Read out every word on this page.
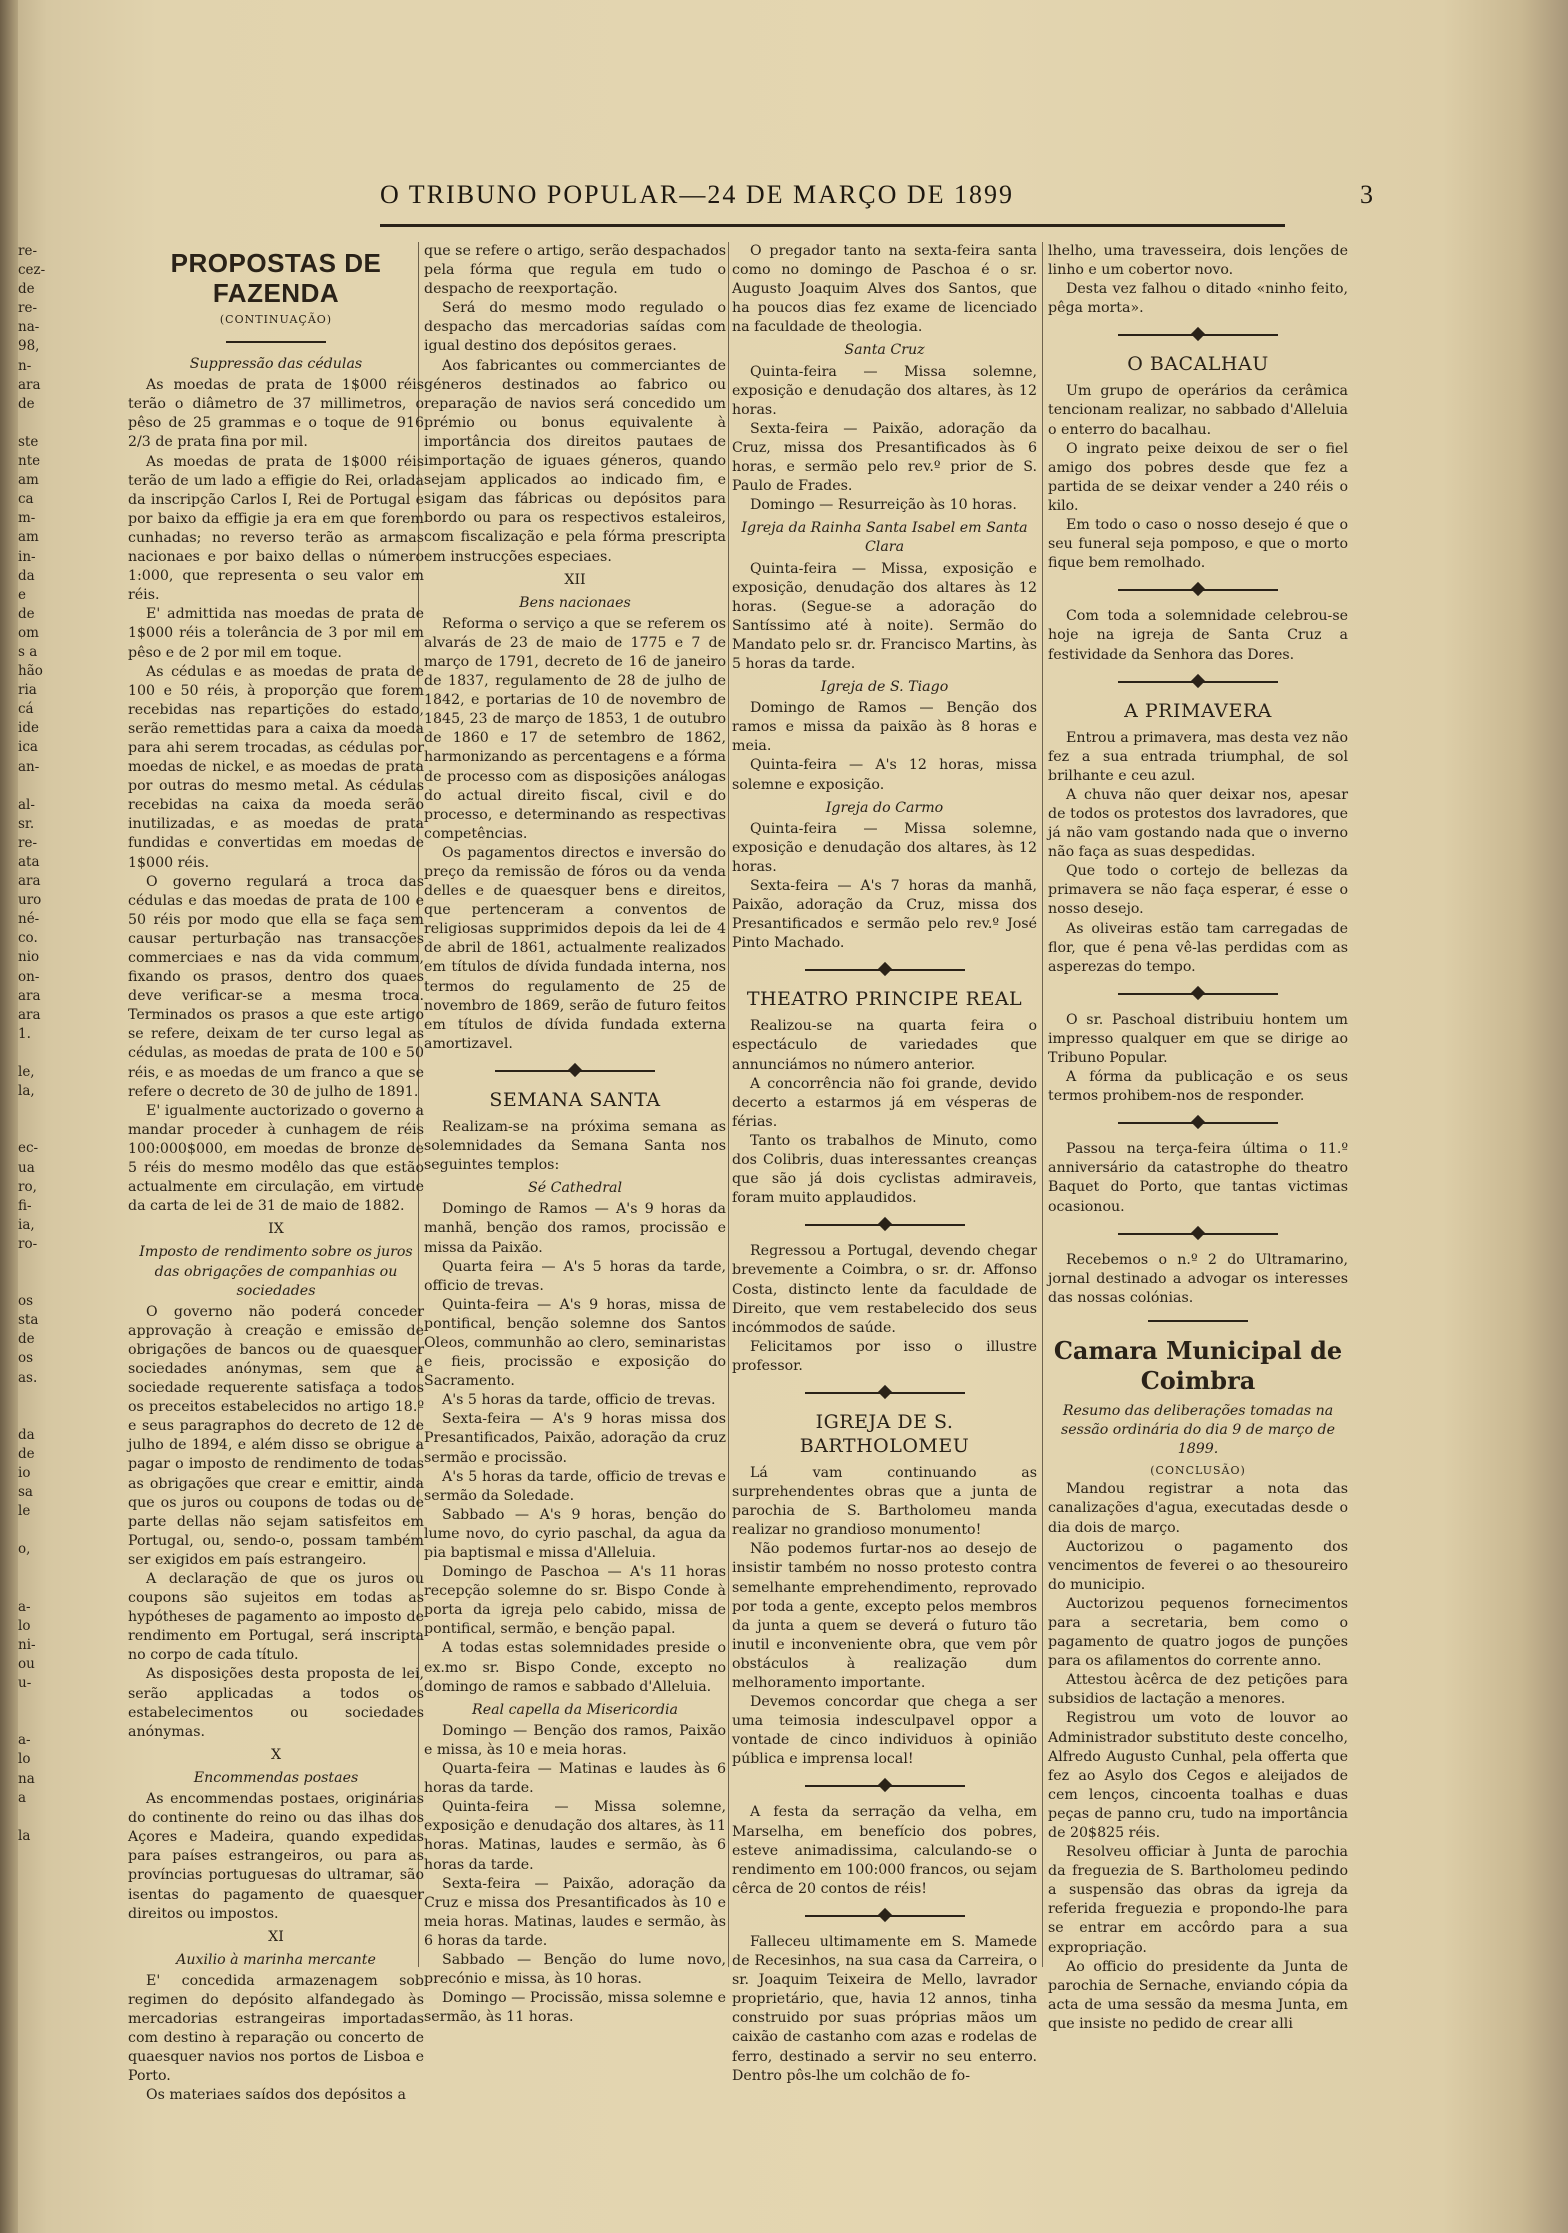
O TRIBUNO POPULAR—24 DE MARÇO DE 1899	3
re-
cez-
de
re-
na-
98,
n-
ara
de

ste
nte
am
ca
m-
am
in-
da
e
de
om
s a
hão
ria
cá
ide
ica
an-

al-
sr.
re-
ata
ara
uro
né-
co.
nio
on-
ara
ara
1.

le,
la,

ec-
ua
ro,
fi-
ia,
ro-

os
sta
de
os
as.

da
de
io
sa
le

o,

a-
lo
ni-
ou
u-

a-
lo
na
a

la
PROPOSTAS DE FAZENDA
(CONTINUAÇÃO)
Suppressão das cédulas

As moedas de prata de 1$000 réis terão o diâmetro de 37 millimetros, o pêso de 25 grammas e o toque de 916 2/3 de prata fina por mil.

As moedas de prata de 1$000 réis terão de um lado a effigie do Rei, orlada da inscripção Carlos I, Rei de Portugal e por baixo da effigie ja era em que forem cunhadas; no reverso terão as armas nacionaes e por baixo dellas o número 1:000, que representa o seu valor em réis.

E' admittida nas moedas de prata de 1$000 réis a tolerância de 3 por mil em pêso e de 2 por mil em toque.

As cédulas e as moedas de prata de 100 e 50 réis, à proporção que forem recebidas nas repartições do estado, serão remettidas para a caixa da moeda para ahi serem trocadas, as cédulas por moedas de nickel, e as moedas de prata por outras do mesmo metal. As cédulas recebidas na caixa da moeda serão inutilizadas, e as moedas de prata fundidas e convertidas em moedas de 1$000 réis.

O governo regulará a troca das cédulas e das moedas de prata de 100 e 50 réis por modo que ella se faça sem causar perturbação nas transacções commerciaes e nas da vida commum, fixando os prasos, dentro dos quaes deve verificar-se a mesma troca. Terminados os prasos a que este artigo se refere, deixam de ter curso legal as cédulas, as moedas de prata de 100 e 50 réis, e as moedas de um franco a que se refere o decreto de 30 de julho de 1891.

E' igualmente auctorizado o governo a mandar proceder à cunhagem de réis 100:000$000, em moedas de bronze de 5 réis do mesmo modêlo das que estão actualmente em circulação, em virtude da carta de lei de 31 de maio de 1882.

IX
Imposto de rendimento sobre os juros das obrigações de companhias ou sociedades

O governo não poderá conceder approvação à creação e emissão de obrigações de bancos ou de quaesquer sociedades anónymas, sem que a sociedade requerente satisfaça a todos os preceitos estabelecidos no artigo 18.º e seus paragraphos do decreto de 12 de julho de 1894, e além disso se obrigue a pagar o imposto de rendimento de todas as obrigações que crear e emittir, ainda que os juros ou coupons de todas ou de parte dellas não sejam satisfeitos em Portugal, ou, sendo-o, possam também ser exigidos em país estrangeiro.

A declaração de que os juros ou coupons são sujeitos em todas as hypótheses de pagamento ao imposto de rendimento em Portugal, será inscripta no corpo de cada título.

As disposições desta proposta de lei, serão applicadas a todos os estabelecimentos ou sociedades anónymas.

X
Encommendas postaes

As encommendas postaes, originárias do continente do reino ou das ilhas dos Açores e Madeira, quando expedidas para países estrangeiros, ou para as províncias portuguesas do ultramar, são isentas do pagamento de quaesquer direitos ou impostos.

XI
Auxilio à marinha mercante

E' concedida armazenagem sob regimen do depósito alfandegado às mercadorias estrangeiras importadas com destino à reparação ou concerto de quaesquer navios nos portos de Lisboa e Porto.

Os materiaes saídos dos depósitos a

que se refere o artigo, serão despachados pela fórma que regula em tudo o despacho de reexportação.

Será do mesmo modo regulado o despacho das mercadorias saídas com igual destino dos depósitos geraes.

Aos fabricantes ou commerciantes de géneros destinados ao fabrico ou reparação de navios será concedido um prémio ou bonus equivalente à importância dos direitos pautaes de importação de iguaes géneros, quando sejam applicados ao indicado fim, e sigam das fábricas ou depósitos para bordo ou para os respectivos estaleiros, com fiscalização e pela fórma prescripta em instrucções especiaes.

XII
Bens nacionaes

Reforma o serviço a que se referem os alvarás de 23 de maio de 1775 e 7 de março de 1791, decreto de 16 de janeiro de 1837, regulamento de 28 de julho de 1842, e portarias de 10 de novembro de 1845, 23 de março de 1853, 1 de outubro de 1860 e 17 de setembro de 1862, harmonizando as percentagens e a fórma de processo com as disposições análogas do actual direito fiscal, civil e do processo, e determinando as respectivas competências.

Os pagamentos directos e inversão do preço da remissão de fóros ou da venda delles e de quaesquer bens e direitos, que pertenceram a conventos de religiosas supprimidos depois da lei de 4 de abril de 1861, actualmente realizados em títulos de dívida fundada interna, nos termos do regulamento de 25 de novembro de 1869, serão de futuro feitos em títulos de dívida fundada externa amortizavel.

SEMANA SANTA

Realizam-se na próxima semana as solemnidades da Semana Santa nos seguintes templos:

Sé Cathedral

Domingo de Ramos — A's 9 horas da manhã, benção dos ramos, procissão e missa da Paixão.

Quarta feira — A's 5 horas da tarde, officio de trevas.

Quinta-feira — A's 9 horas, missa de pontifical, benção solemne dos Santos Oleos, communhão ao clero, seminaristas e fieis, procissão e exposição do Sacramento.

A's 5 horas da tarde, officio de trevas.

Sexta-feira — A's 9 horas missa dos Presantificados, Paixão, adoração da cruz sermão e procissão.

A's 5 horas da tarde, officio de trevas e sermão da Soledade.

Sabbado — A's 9 horas, benção do lume novo, do cyrio paschal, da agua da pia baptismal e missa d'Alleluia.

Domingo de Paschoa — A's 11 horas recepção solemne do sr. Bispo Conde à porta da igreja pelo cabido, missa de pontifical, sermão, e benção papal.

A todas estas solemnidades preside o ex.mo sr. Bispo Conde, excepto no domingo de ramos e sabbado d'Alleluia.

Real capella da Misericordia

Domingo — Benção dos ramos, Paixão e missa, às 10 e meia horas.

Quarta-feira — Matinas e laudes às 6 horas da tarde.

Quinta-feira — Missa solemne, exposição e denudação dos altares, às 11 horas. Matinas, laudes e sermão, às 6 horas da tarde.

Sexta-feira — Paixão, adoração da Cruz e missa dos Presantificados às 10 e meia horas. Matinas, laudes e sermão, às 6 horas da tarde.

Sabbado — Benção do lume novo, precónio e missa, às 10 horas.

Domingo — Procissão, missa solemne e sermão, às 11 horas.

O pregador tanto na sexta-feira santa como no domingo de Paschoa é o sr. Augusto Joaquim Alves dos Santos, que ha poucos dias fez exame de licenciado na faculdade de theologia.

Santa Cruz

Quinta-feira — Missa solemne, exposição e denudação dos altares, às 12 horas.

Sexta-feira — Paixão, adoração da Cruz, missa dos Presantificados às 6 horas, e sermão pelo rev.º prior de S. Paulo de Frades.

Domingo — Resurreição às 10 horas.

Igreja da Rainha Santa Isabel em Santa Clara

Quinta-feira — Missa, exposição e exposição, denudação dos altares às 12 horas. (Segue-se a adoração do Santíssimo até à noite). Sermão do Mandato pelo sr. dr. Francisco Martins, às 5 horas da tarde.

Igreja de S. Tiago

Domingo de Ramos — Benção dos ramos e missa da paixão às 8 horas e meia.

Quinta-feira — A's 12 horas, missa solemne e exposição.

Igreja do Carmo

Quinta-feira — Missa solemne, exposição e denudação dos altares, às 12 horas.

Sexta-feira — A's 7 horas da manhã, Paixão, adoração da Cruz, missa dos Presantificados e sermão pelo rev.º José Pinto Machado.

THEATRO PRINCIPE REAL

Realizou-se na quarta feira o espectáculo de variedades que annunciámos no número anterior.

A concorrência não foi grande, devido decerto a estarmos já em vésperas de férias.

Tanto os trabalhos de Minuto, como dos Colibris, duas interessantes creanças que são já dois cyclistas admiraveis, foram muito applaudidos.

Regressou a Portugal, devendo chegar brevemente a Coimbra, o sr. dr. Affonso Costa, distincto lente da faculdade de Direito, que vem restabelecido dos seus incómmodos de saúde.

Felicitamos por isso o illustre professor.

IGREJA DE S. BARTHOLOMEU

Lá vam continuando as surprehendentes obras que a junta de parochia de S. Bartholomeu manda realizar no grandioso monumento!

Não podemos furtar-nos ao desejo de insistir também no nosso protesto contra semelhante emprehendimento, reprovado por toda a gente, excepto pelos membros da junta a quem se deverá o futuro tão inutil e inconveniente obra, que vem pôr obstáculos à realização dum melhoramento importante.

Devemos concordar que chega a ser uma teimosia indesculpavel oppor a vontade de cinco individuos à opinião pública e imprensa local!

A festa da serração da velha, em Marselha, em benefício dos pobres, esteve animadissima, calculando-se o rendimento em 100:000 francos, ou sejam cêrca de 20 contos de réis!

Falleceu ultimamente em S. Mamede de Recesinhos, na sua casa da Carreira, o sr. Joaquim Teixeira de Mello, lavrador proprietário, que, havia 12 annos, tinha construido por suas próprias mãos um caixão de castanho com azas e rodelas de ferro, destinado a servir no seu enterro. Dentro pôs-lhe um colchão de fo-

lhelho, uma travesseira, dois lenções de linho e um cobertor novo.

Desta vez falhou o ditado «ninho feito, pêga morta».

O BACALHAU

Um grupo de operários da cerâmica tencionam realizar, no sabbado d'Alleluia o enterro do bacalhau.

O ingrato peixe deixou de ser o fiel amigo dos pobres desde que fez a partida de se deixar vender a 240 réis o kilo.

Em todo o caso o nosso desejo é que o seu funeral seja pomposo, e que o morto fique bem remolhado.

Com toda a solemnidade celebrou-se hoje na igreja de Santa Cruz a festividade da Senhora das Dores.

A PRIMAVERA

Entrou a primavera, mas desta vez não fez a sua entrada triumphal, de sol brilhante e ceu azul.

A chuva não quer deixar nos, apesar de todos os protestos dos lavradores, que já não vam gostando nada que o inverno não faça as suas despedidas.

Que todo o cortejo de bellezas da primavera se não faça esperar, é esse o nosso desejo.

As oliveiras estão tam carregadas de flor, que é pena vê-las perdidas com as asperezas do tempo.

O sr. Paschoal distribuiu hontem um impresso qualquer em que se dirige ao Tribuno Popular.

A fórma da publicação e os seus termos prohibem-nos de responder.

Passou na terça-feira última o 11.º anniversário da catastrophe do theatro Baquet do Porto, que tantas victimas ocasionou.

Recebemos o n.º 2 do Ultramarino, jornal destinado a advogar os interesses das nossas colónias.

Camara Municipal de Coimbra
Resumo das deliberações tomadas na sessão ordinária do dia 9 de março de 1899.
(CONCLUSÃO)

Mandou registrar a nota das canalizações d'agua, executadas desde o dia dois de março.

Auctorizou o pagamento dos vencimentos de feverei o ao thesoureiro do municipio.

Auctorizou pequenos fornecimentos para a secretaria, bem como o pagamento de quatro jogos de punções para os afilamentos do corrente anno.

Attestou àcêrca de dez petições para subsidios de lactação a menores.

Registrou um voto de louvor ao Administrador substituto deste concelho, Alfredo Augusto Cunhal, pela offerta que fez ao Asylo dos Cegos e aleijados de cem lenços, cincoenta toalhas e duas peças de panno cru, tudo na importância de 20$825 réis.

Resolveu officiar à Junta de parochia da freguezia de S. Bartholomeu pedindo a suspensão das obras da igreja da referida freguezia e propondo-lhe para se entrar em accôrdo para a sua expropriação.

Ao officio do presidente da Junta de parochia de Sernache, enviando cópia da acta de uma sessão da mesma Junta, em que insiste no pedido de crear alli
